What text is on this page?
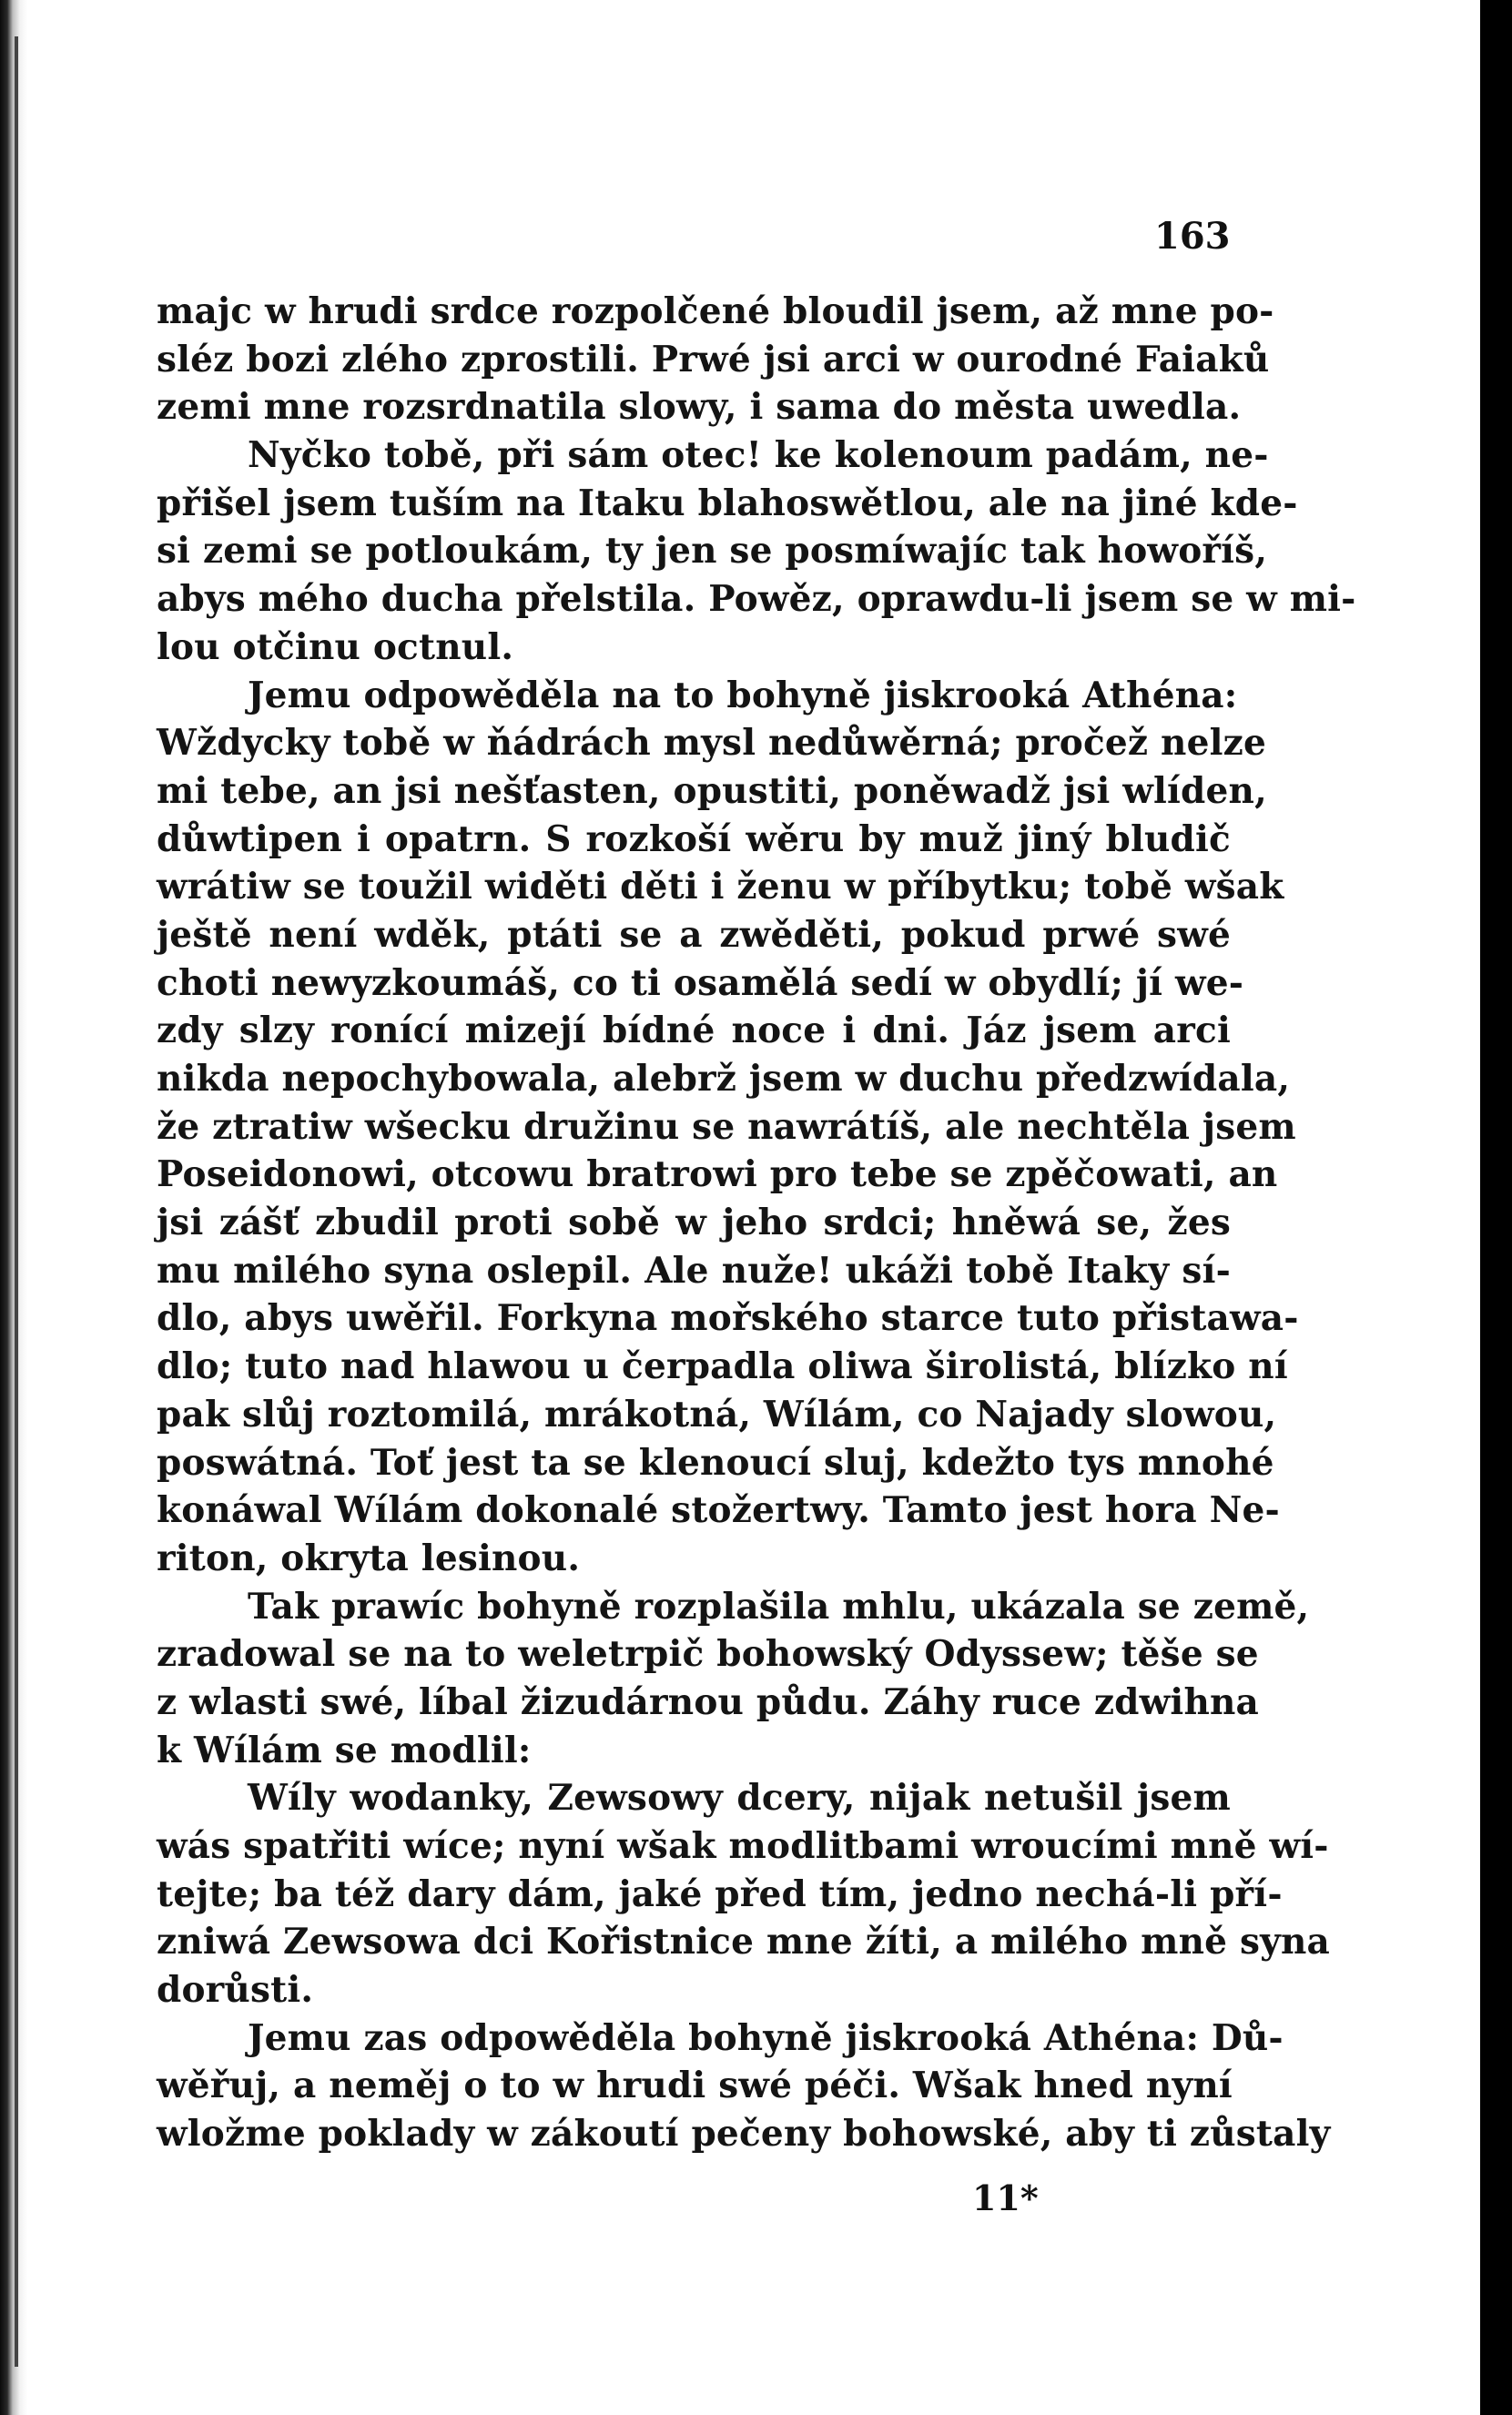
163
majc w hrudi srdce rozpolčené bloudil jsem, až mne po-
sléz bozi zlého zprostili. Prwé jsi arci w ourodné Faiaků
zemi mne rozsrdnatila slowy, i sama do města uwedla.
Nyčko tobě, při sám otec! ke kolenoum padám, ne-
přišel jsem tuším na Itaku blahoswětlou, ale na jiné kde-
si zemi se potloukám, ty jen se posmíwajíc tak howoříš,
abys mého ducha přelstila. Powěz, oprawdu-li jsem se w mi-
lou otčinu octnul.
Jemu odpowěděla na to bohyně jiskrooká Athéna:
Wždycky tobě w ňádrách mysl nedůwěrná; pročež nelze
mi tebe, an jsi nešťasten, opustiti, poněwadž jsi wlíden,
důwtipen i opatrn. S rozkoší wěru by muž jiný bludič
wrátiw se toužil widěti děti i ženu w příbytku; tobě wšak
ještě není wděk, ptáti se a zwěděti, pokud prwé swé
choti newyzkoumáš, co ti osamělá sedí w obydlí; jí we-
zdy slzy ronící mizejí bídné noce i dni. Jáz jsem arci
nikda nepochybowala, alebrž jsem w duchu předzwídala,
že ztratiw wšecku družinu se nawrátíš, ale nechtěla jsem
Poseidonowi, otcowu bratrowi pro tebe se zpěčowati, an
jsi zášť zbudil proti sobě w jeho srdci; hněwá se, žes
mu milého syna oslepil. Ale nuže! ukáži tobě Itaky sí-
dlo, abys uwěřil. Forkyna mořského starce tuto přistawa-
dlo; tuto nad hlawou u čerpadla oliwa širolistá, blízko ní
pak slůj roztomilá, mrákotná, Wílám, co Najady slowou,
poswátná. Toť jest ta se klenoucí sluj, kdežto tys mnohé
konáwal Wílám dokonalé stožertwy. Tamto jest hora Ne-
riton, okryta lesinou.
Tak prawíc bohyně rozplašila mhlu, ukázala se země,
zradowal se na to weletrpič bohowský Odyssew; těše se
z wlasti swé, líbal žizudárnou půdu. Záhy ruce zdwihna
k Wílám se modlil:
Wíly wodanky, Zewsowy dcery, nijak netušil jsem
wás spatřiti wíce; nyní wšak modlitbami wroucími mně wí-
tejte; ba též dary dám, jaké před tím, jedno nechá-li pří-
zniwá Zewsowa dci Kořistnice mne žíti, a milého mně syna
dorůsti.
Jemu zas odpowěděla bohyně jiskrooká Athéna: Dů-
wěřuj, a neměj o to w hrudi swé péči. Wšak hned nyní
wložme poklady w zákoutí pečeny bohowské, aby ti zůstaly
11*
